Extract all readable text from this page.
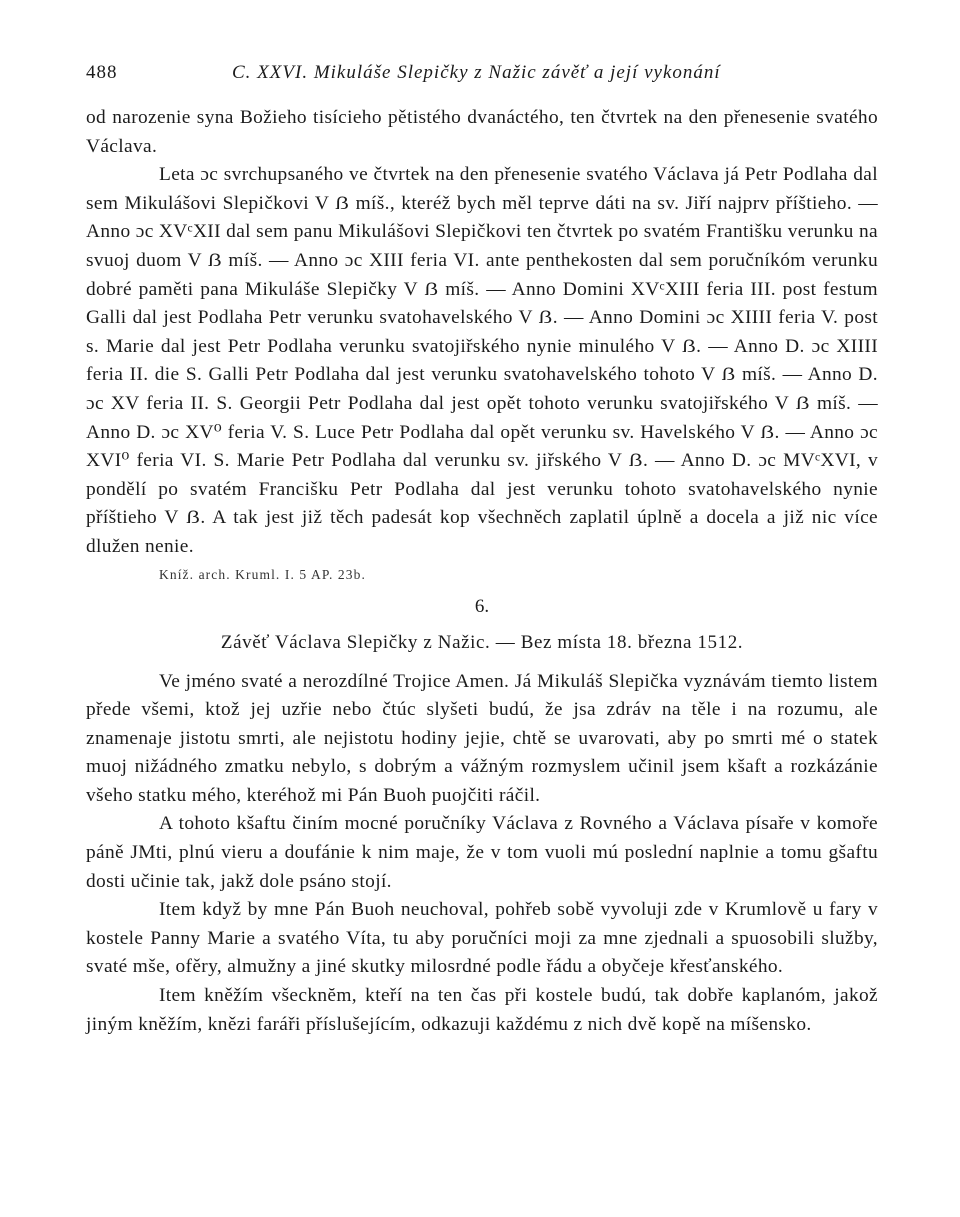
488	C. XXVI. Mikuláše Slepičky z Nažic závěť a její vykonání

od narozenie syna Božieho tisícieho pětistého dvanáctého, ten čtvrtek na den přenesenie svatého Václava.

Leta ɔc svrchupsaného ve čtvrtek na den přenesenie svatého Václava já Petr Podlaha dal sem Mikulášovi Slepičkovi V ẞ míš., kteréž bych měl teprve dáti na sv. Jiří najprv příštieho. — Anno ɔc XVᶜXII dal sem panu Mikulášovi Slepičkovi ten čtvrtek po svatém Františku verunku na svuoj duom V ẞ míš. — Anno ɔc XIII feria VI. ante penthekosten dal sem poručníkóm verunku dobré paměti pana Mikuláše Slepičky V ẞ míš. — Anno Domini XVᶜXIII feria III. post festum Galli dal jest Podlaha Petr verunku svatohavelského V ẞ. — Anno Domini ɔc XIIII feria V. post s. Marie dal jest Petr Podlaha verunku svatojiřského nynie minulého V ẞ. — Anno D. ɔc XIIII feria II. die S. Galli Petr Podlaha dal jest verunku svatohavelského tohoto V ẞ míš. — Anno D. ɔc XV feria II. S. Georgii Petr Podlaha dal jest opět tohoto verunku svatojiřského V ẞ míš. — Anno D. ɔc XV⁰ feria V. S. Luce Petr Podlaha dal opět verunku sv. Havelského V ẞ. — Anno ɔc XVI⁰ feria VI. S. Marie Petr Podlaha dal verunku sv. jiřského V ẞ. — Anno D. ɔc MVᶜXVI, v pondělí po svatém Francišku Petr Podlaha dal jest verunku tohoto svatohavelského nynie příštieho V ẞ. A tak jest již těch padesát kop všechněch zaplatil úplně a docela a již nic více dlužen nenie.

Kníž. arch. Kruml. I. 5 AP. 23b.
6.
Závěť Václava Slepičky z Nažic. — Bez místa 18. března 1512.

Ve jméno svaté a nerozdílné Trojice Amen. Já Mikuláš Slepička vyznávám tiemto listem přede všemi, ktož jej uzřie nebo čtúc slyšeti budú, že jsa zdráv na těle i na rozumu, ale znamenaje jistotu smrti, ale nejistotu hodiny jejie, chtě se uvarovati, aby po smrti mé o statek muoj nižádného zmatku nebylo, s dobrým a vážným rozmyslem učinil jsem kšaft a rozkázánie všeho statku mého, kteréhož mi Pán Buoh puojčiti ráčil.

A tohoto kšaftu činím mocné poručníky Václava z Rovného a Václava písaře v komoře páně JMti, plnú vieru a doufánie k nim maje, že v tom vuoli mú poslední naplnie a tomu gšaftu dosti učinie tak, jakž dole psáno stojí.

Item když by mne Pán Buoh neuchoval, pohřeb sobě vyvoluji zde v Krumlově u fary v kostele Panny Marie a svatého Víta, tu aby poručníci moji za mne zjednali a spuosobili služby, svaté mše, ofěry, almužny a jiné skutky milosrdné podle řádu a obyčeje křesťanského.

Item kněžím všecknĕm, kteří na ten čas při kostele budú, tak dobře kaplanóm, jakož jiným kněžím, knězi faráři příslušejícím, odkazuji každému z nich dvě kopě na míšensko.
